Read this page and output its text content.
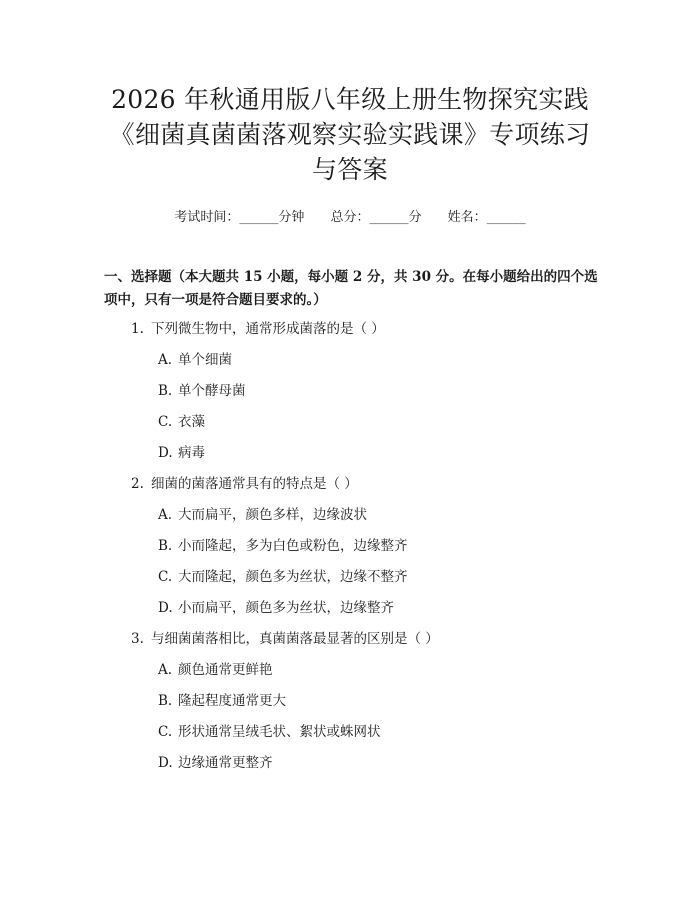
2026 年秋通用版八年级上册生物探究实践
《细菌真菌菌落观察实验实践课》专项练习
与答案
考试时间：______分钟 总分：______分 姓名：______
一、选择题（本大题共 15 小题，每小题 2 分，共 30 分。在每小题给出的四个选项中，只有一项是符合题目要求的。）
1. 下列微生物中，通常形成菌落的是（ ）
A. 单个细菌
B. 单个酵母菌
C. 衣藻
D. 病毒
2. 细菌的菌落通常具有的特点是（ ）
A. 大而扁平，颜色多样，边缘波状
B. 小而隆起，多为白色或粉色，边缘整齐
C. 大而隆起，颜色多为丝状，边缘不整齐
D. 小而扁平，颜色多为丝状，边缘整齐
3. 与细菌菌落相比，真菌菌落最显著的区别是（ ）
A. 颜色通常更鲜艳
B. 隆起程度通常更大
C. 形状通常呈绒毛状、絮状或蛛网状
D. 边缘通常更整齐
